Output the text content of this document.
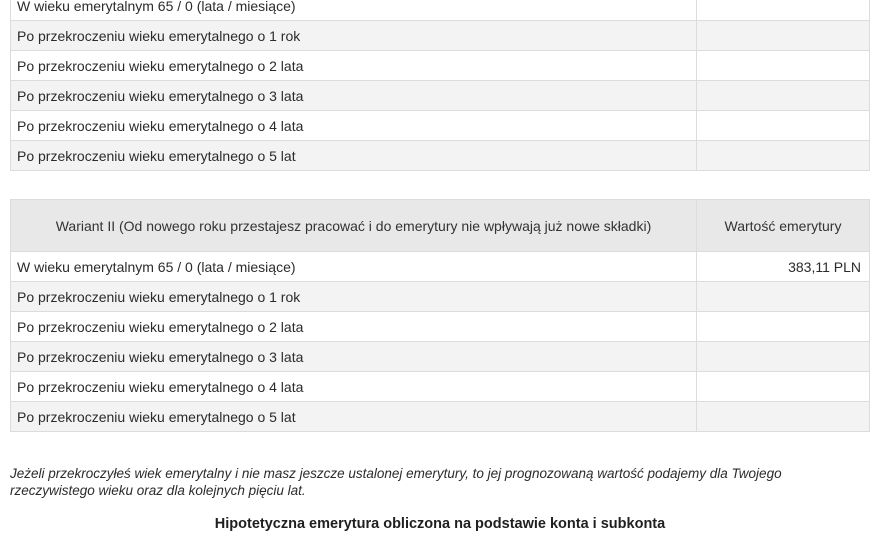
W wieku emerytalnym 65 / 0 (lata / miesiące)	
Po przekroczeniu wieku emerytalnego o 1 rok	
Po przekroczeniu wieku emerytalnego o 2 lata	
Po przekroczeniu wieku emerytalnego o 3 lata	
Po przekroczeniu wieku emerytalnego o 4 lata	
Po przekroczeniu wieku emerytalnego o 5 lat	
Wariant II (Od nowego roku przestajesz pracować i do emerytury nie wpływają już nowe składki)	Wartość emerytury
W wieku emerytalnym 65 / 0 (lata / miesiące)	383,11 PLN
Po przekroczeniu wieku emerytalnego o 1 rok	
Po przekroczeniu wieku emerytalnego o 2 lata	
Po przekroczeniu wieku emerytalnego o 3 lata	
Po przekroczeniu wieku emerytalnego o 4 lata	
Po przekroczeniu wieku emerytalnego o 5 lat	
Jeżeli przekroczyłeś wiek emerytalny i nie masz jeszcze ustalonej emerytury, to jej prognozowaną wartość podajemy dla Twojego rzeczywistego wieku oraz dla kolejnych pięciu lat.
Hipotetyczna emerytura obliczona na podstawie konta i subkonta
